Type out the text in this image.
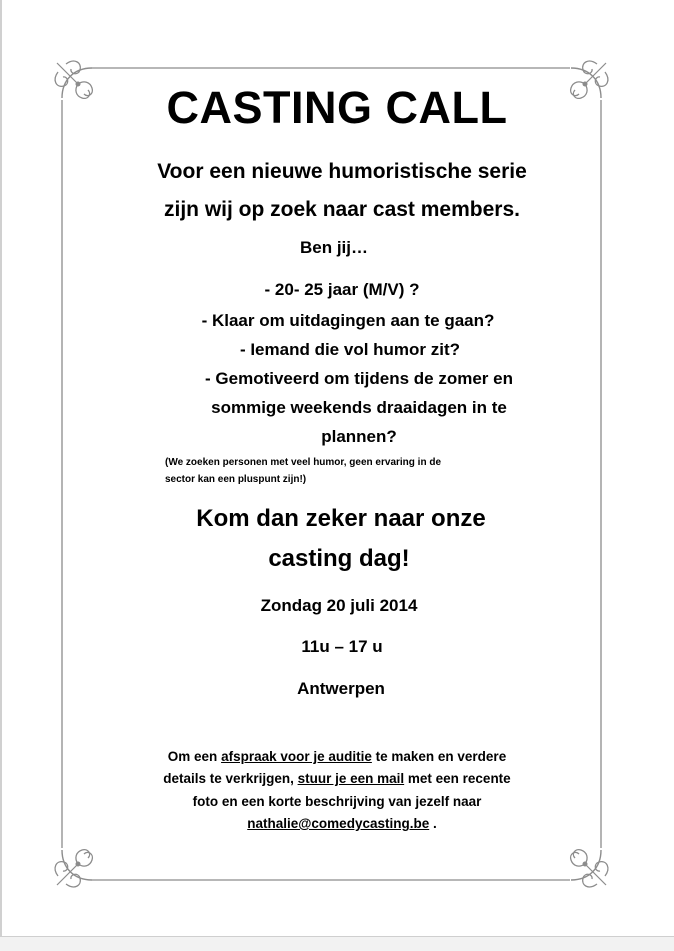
CASTING CALL
Voor een nieuwe humoristische serie
zijn wij op zoek naar cast members.
Ben jij…
- 20- 25 jaar (M/V) ?
- Klaar om uitdagingen aan te gaan?
- Iemand die vol humor zit?
- Gemotiveerd om tijdens de zomer en
sommige weekends draaidagen in te
plannen?
(We zoeken personen met veel humor, geen ervaring in de
sector kan een pluspunt zijn!)
Kom dan zeker naar onze
casting dag!
Zondag 20 juli 2014
11u – 17 u
Antwerpen
Om een afspraak voor je auditie te maken en verdere
details te verkrijgen, stuur je een mail met een recente
foto en een korte beschrijving van jezelf naar
nathalie@comedycasting.be .
